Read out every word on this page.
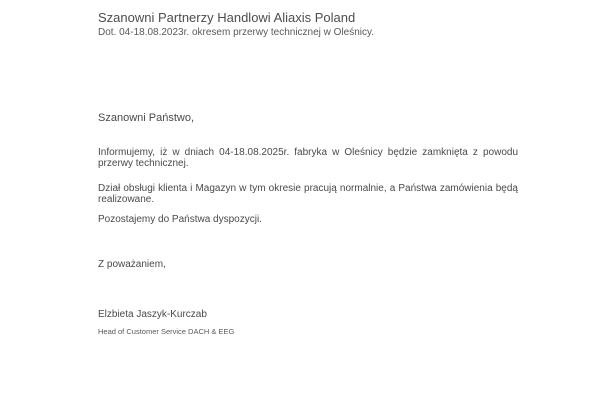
Szanowni Partnerzy Handlowi Aliaxis Poland
Dot. 04-18.08.2023r. okresem przerwy technicznej w Oleśnicy.
Szanowni Państwo,
Informujemy, iż w dniach 04-18.08.2025r. fabryka w Oleśnicy będzie zamknięta z powodu przerwy technicznej.
Dział obsługi klienta i Magazyn w tym okresie pracują normalnie, a Państwa zamówienia będą realizowane.
Pozostajemy do Państwa dyspozycji.
Z poważaniem,
Elzbieta Jaszyk-Kurczab
Head of Customer Service DACH & EEG
